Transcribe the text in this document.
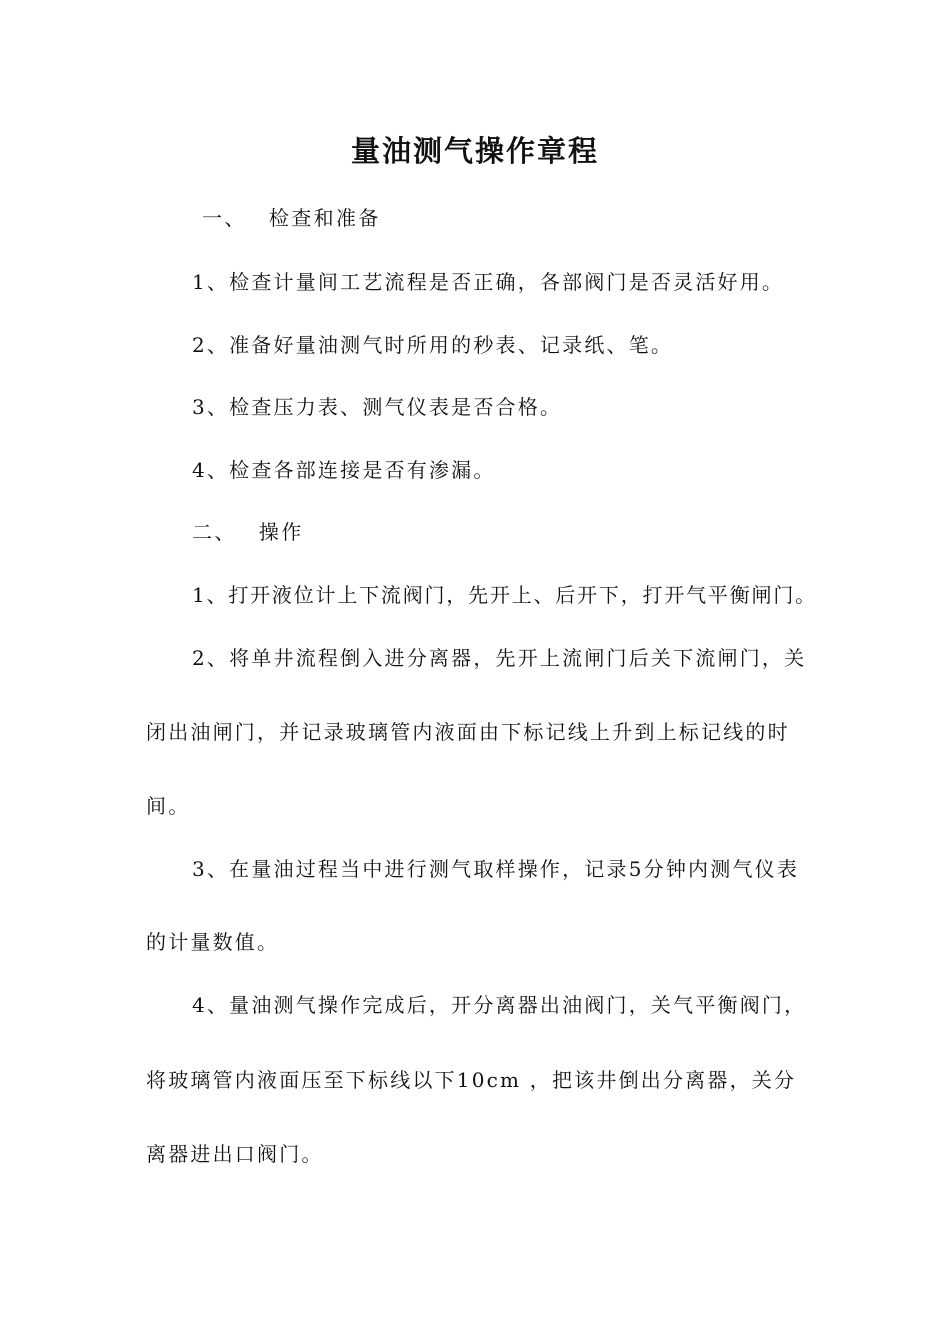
量油测气操作章程

一、 检查和准备

1、检查计量间工艺流程是否正确，各部阀门是否灵活好用。

2、准备好量油测气时所用的秒表、记录纸、笔。

3、检查压力表、测气仪表是否合格。

4、检查各部连接是否有渗漏。

二、 操作

1、打开液位计上下流阀门，先开上、后开下，打开气平衡闸门。

2、将单井流程倒入进分离器，先开上流闸门后关下流闸门，关

闭出油闸门，并记录玻璃管内液面由下标记线上升到上标记线的时

间。

3、在量油过程当中进行测气取样操作，记录5分钟内测气仪表

的计量数值。

4、量油测气操作完成后，开分离器出油阀门，关气平衡阀门，

将玻璃管内液面压至下标线以下10cm ，把该井倒出分离器，关分

离器进出口阀门。
